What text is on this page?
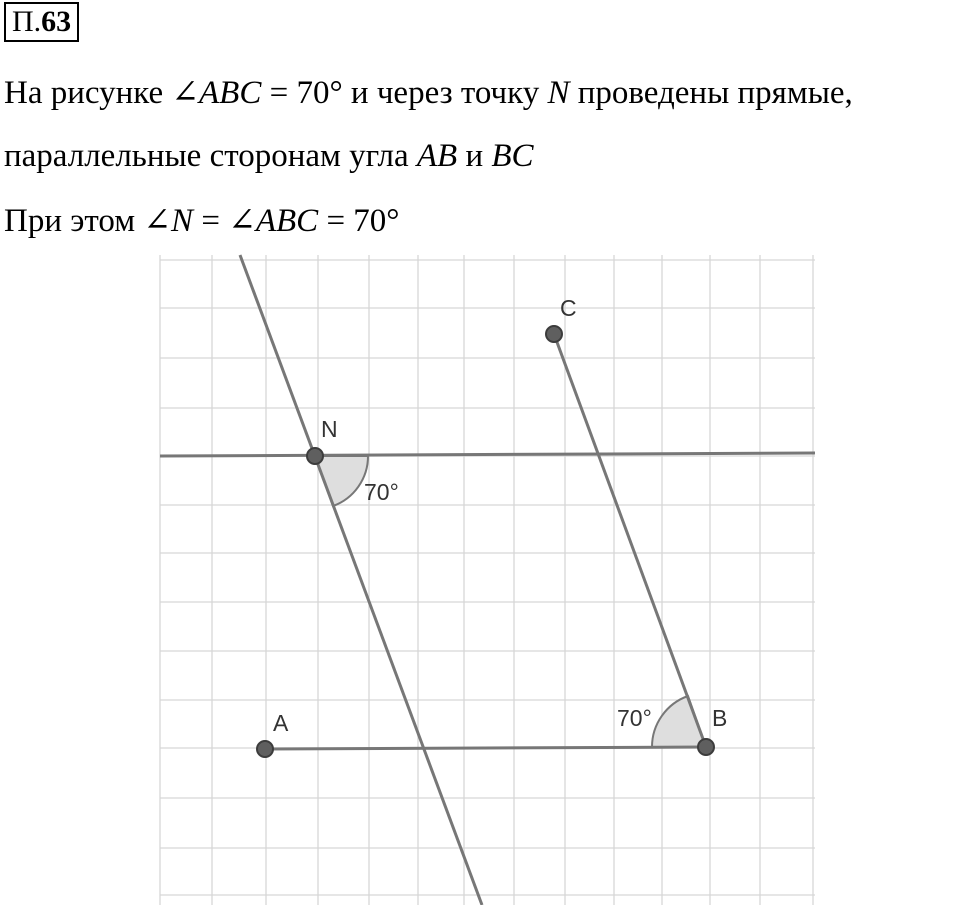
П.63
На рисунке ∠ABC = 70° и через точку N проведены прямые,
параллельные сторонам угла AB и BC
При этом ∠N = ∠ABC = 70°
N
C
A	B
70°
70°
